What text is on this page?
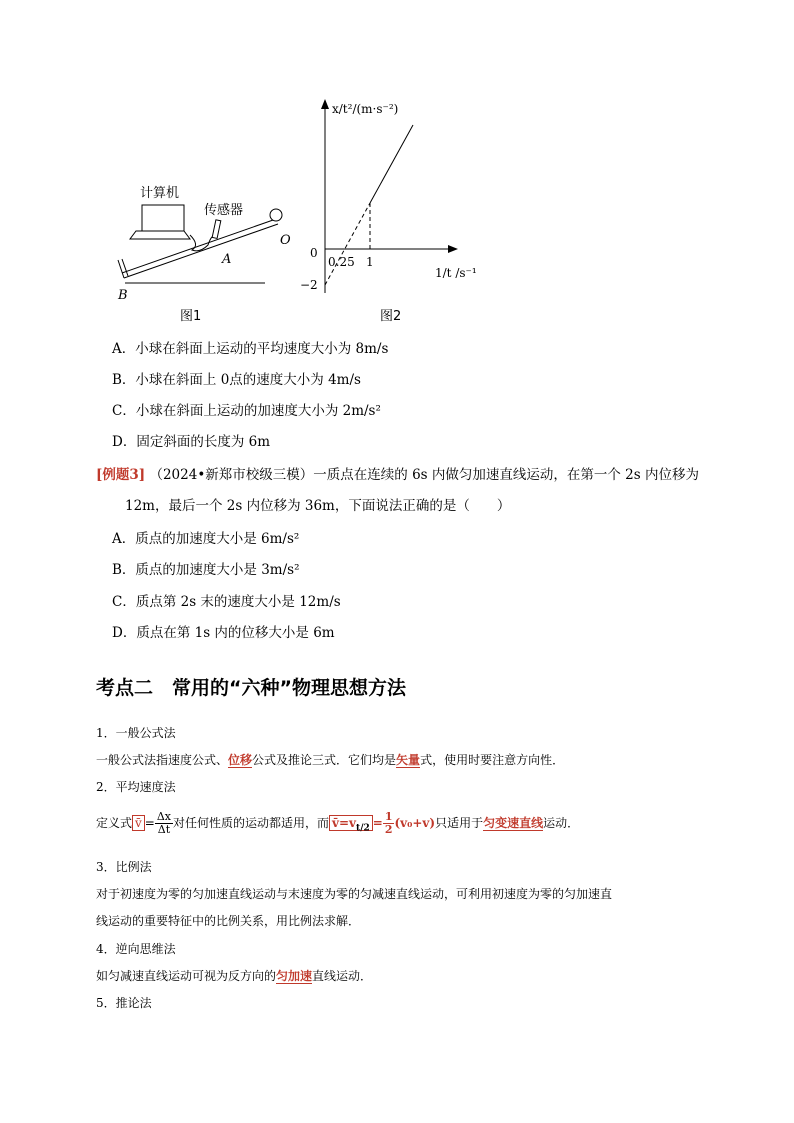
计算机
传感器
A
B
O
图1
x/t²/(m·s⁻²)
1/t /s⁻¹
0
0.25 1
−2
图2
A．小球在斜面上运动的平均速度大小为 8m/s
B．小球在斜面上 0点的速度大小为 4m/s
C．小球在斜面上运动的加速度大小为 2m/s²
D．固定斜面的长度为 6m
[例题3] （2024•新郑市校级三模）一质点在连续的 6s 内做匀加速直线运动，在第一个 2s 内位移为
12m，最后一个 2s 内位移为 36m，下面说法正确的是（　　）
A．质点的加速度大小是 6m/s²
B．质点的加速度大小是 3m/s²
C．质点第 2s 末的速度大小是 12m/s
D．质点在第 1s 内的位移大小是 6m
考点二　常用的“六种”物理思想方法
1．一般公式法
一般公式法指速度公式、位移公式及推论三式．它们均是矢量式，使用时要注意方向性．
2．平均速度法
定义式 v̄ = $\frac{\Delta x}{\Delta t}$ 对任何性质的运动都适用，而 $v̄=v_{t/2} = \frac{1}{2} (v_0+v)$只适用于匀变速直线运动．
3．比例法
对于初速度为零的匀加速直线运动与末速度为零的匀减速直线运动，可利用初速度为零的匀加速直
线运动的重要特征中的比例关系，用比例法求解．
4．逆向思维法
如匀减速直线运动可视为反方向的匀加速直线运动．
5．推论法
